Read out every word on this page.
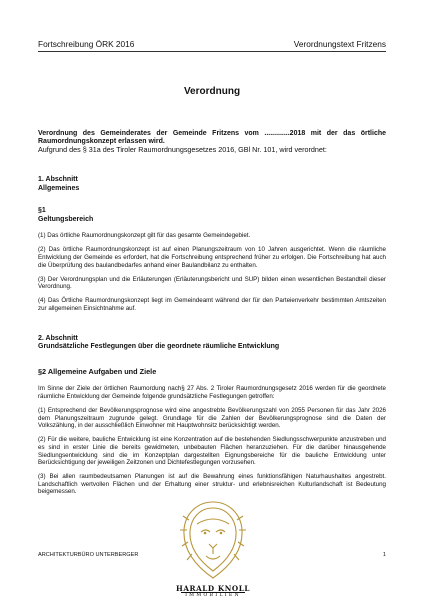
Fortschreibung ÖRK 2016	Verordnungstext Fritzens
Verordnung

Verordnung des Gemeinderates der Gemeinde Fritzens vom .............2018 mit der das örtliche Raumordnungskonzept erlassen wird.
Aufgrund des § 31a des Tiroler Raumordnungsgesetzes 2016, GBl Nr. 101, wird verordnet:

1. Abschnitt
Allgemeines

§1
Geltungsbereich

(1) Das örtliche Raumordnungskonzept gilt für das gesamte Gemeindegebiet.

(2) Das örtliche Raumordnungskonzept ist auf einen Planungszeitraum von 10 Jahren ausgerichtet. Wenn die räumliche Entwicklung der Gemeinde es erfordert, hat die Fortschreibung entsprechend früher zu erfolgen. Die Fortschreibung hat auch die Überprüfung des baulandbedarfes anhand einer Baulandbilanz zu enthalten.

(3) Der Verordnungsplan und die Erläuterungen (Erläuterungsbericht und SUP) bilden einen wesentlichen Bestandteil dieser Verordnung.

(4) Das Örtliche Raumordnungskonzept liegt im Gemeindeamt während der für den Parteienverkehr bestimmten Amtszeiten zur allgemeinen Einsichtnahme auf.

2. Abschnitt
Grundsätzliche Festlegungen über die geordnete räumliche Entwicklung

§2 Allgemeine Aufgaben und Ziele

Im Sinne der Ziele der örtlichen Raumordung nach§ 27 Abs. 2 Tiroler Raumordnungsgesetz 2016 werden für die geordnete räumliche Entwicklung der Gemeinde folgende grundsätzliche Festlegungen getroffen:

(1) Entsprechend der Bevölkerungsprognose wird eine angestrebte Bevölkerungszahl von 2055 Personen für das Jahr 2026 dem Planungszeitraum zugrunde gelegt. Grundlage für die Zahlen der Bevölkerungsprognose sind die Daten der Volkszählung, in der ausschließlich Einwohner mit Hauptwohnsitz berücksichtigt werden.

(2) Für die weitere, bauliche Entwicklung ist eine Konzentration auf die bestehenden Siedlungsschwerpunkte anzustreben und es sind in erster Linie die bereits gewidmeten, unbebauten Flächen heranzuziehen. Für die darüber hinausgehende Siedlungsentwicklung sind die im Konzeptplan dargestellten Eignungsbereiche für die bauliche Entwicklung unter Berücksichtigung der jeweiligen Zeitzonen und Dichtefestlegungen vorzusehen.

(3) Bei allen raumbedeutsamen Planungen ist auf die Bewahrung eines funktionsfähigen Naturhaushaltes angestrebt. Landschaftlich wertvollen Flächen und der Erhaltung einer struktur- und erlebnisreichen Kulturlandschaft ist Bedeutung beigemessen.

ARCHITEKTURBÜRO UNTERBERGER	1
HARALD KNOLL
IMMOBILIEN
